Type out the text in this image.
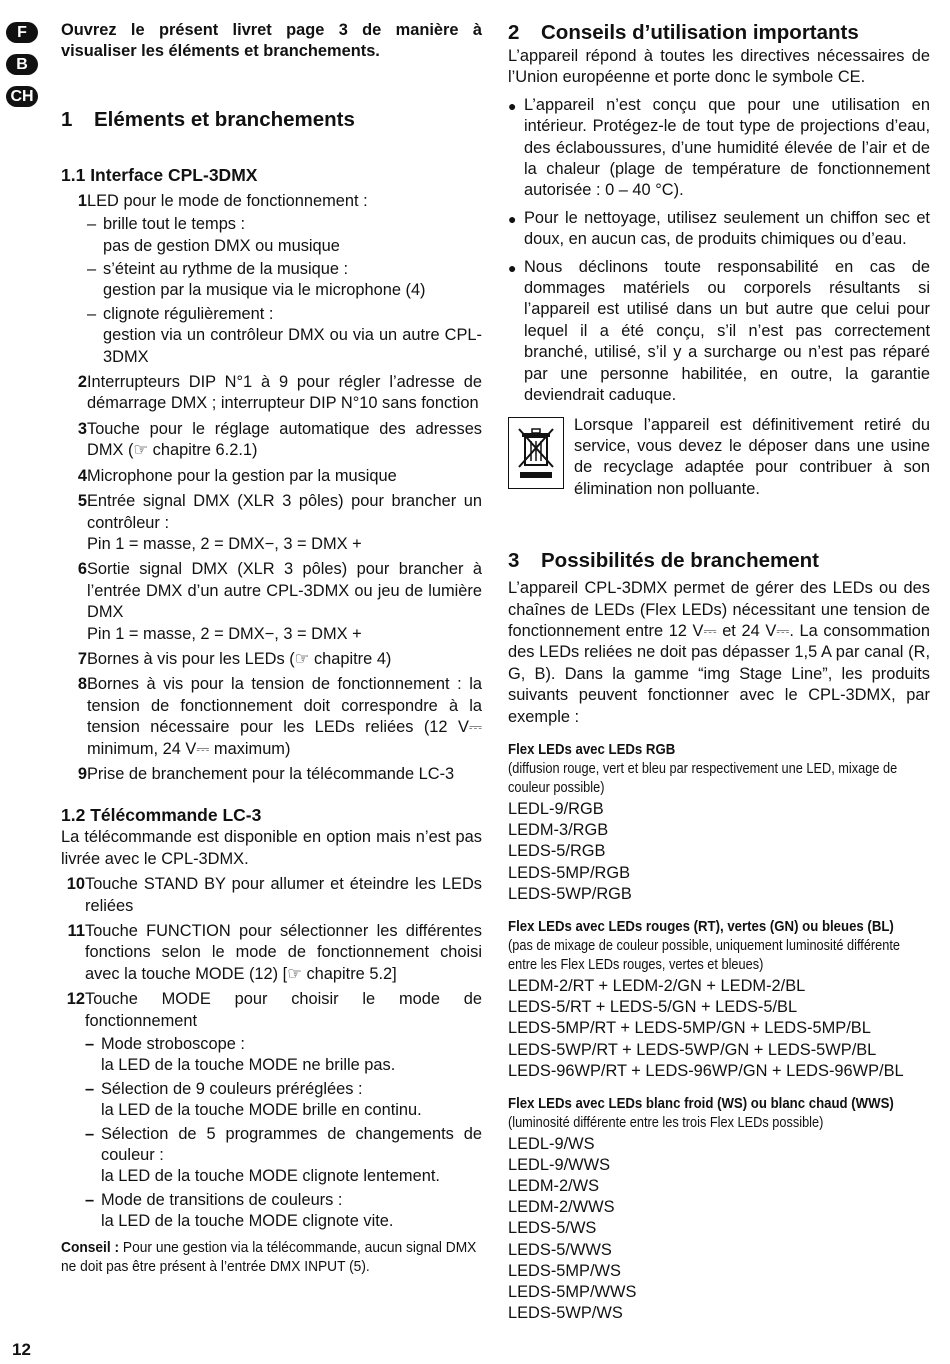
F
B
CH

Ouvrez le présent livret page 3 de manière à visualiser les éléments et branchements.

1	Eléments et branchements
1.1 Interface CPL-3DMX
1 LED pour le mode de fonctionnement :
– brille tout le temps :
pas de gestion DMX ou musique
– s’éteint au rythme de la musique :
gestion par la musique via le microphone (4)
– clignote régulièrement :
gestion via un contrôleur DMX ou via un autre CPL-3DMX
2 Interrupteurs DIP N°1 à 9 pour régler l’adresse de démarrage DMX ; interrupteur DIP N°10 sans fonction
3 Touche pour le réglage automatique des adresses DMX (☞ chapitre 6.2.1)
4 Microphone pour la gestion par la musique
5 Entrée signal DMX (XLR 3 pôles) pour brancher un contrôleur :
Pin 1 = masse, 2 = DMX−, 3 = DMX +
6 Sortie signal DMX (XLR 3 pôles) pour brancher à l’entrée DMX d’un autre CPL-3DMX ou jeu de lumière DMX
Pin 1 = masse, 2 = DMX−, 3 = DMX +
7 Bornes à vis pour les LEDs (☞ chapitre 4)
8 Bornes à vis pour la tension de fonctionnement : la tension de fonctionnement doit correspondre à la tension nécessaire pour les LEDs reliées (12 V⎓ minimum, 24 V⎓ maximum)
9 Prise de branchement pour la télécommande LC-3
1.2 Télécommande LC-3

La télécommande est disponible en option mais n’est pas livrée avec le CPL-3DMX.

10 Touche STAND BY pour allumer et éteindre les LEDs reliées
11 Touche FUNCTION pour sélectionner les différentes fonctions selon le mode de fonctionnement choisi avec la touche MODE (12) [☞ chapitre 5.2]
12 Touche MODE pour choisir le mode de fonctionnement
– Mode stroboscope :
la LED de la touche MODE ne brille pas.
– Sélection de 9 couleurs préréglées :
la LED de la touche MODE brille en continu.
– Sélection de 5 programmes de changements de couleur :
la LED de la touche MODE clignote lentement.
– Mode de transitions de couleurs :
la LED de la touche MODE clignote vite.

Conseil : Pour une gestion via la télécommande, aucun signal DMX ne doit pas être présent à l’entrée DMX INPUT (5).

2	Conseils d’utilisation importants

L’appareil répond à toutes les directives nécessaires de l’Union européenne et porte donc le symbole CE.

● L’appareil n’est conçu que pour une utilisation en intérieur. Protégez-le de tout type de projections d’eau, des éclaboussures, d’une humidité élevée de l’air et de la chaleur (plage de température de fonctionnement autorisée : 0 – 40 °C).
● Pour le nettoyage, utilisez seulement un chiffon sec et doux, en aucun cas, de produits chimiques ou d’eau.
● Nous déclinons toute responsabilité en cas de dommages matériels ou corporels résultants si l’appareil est utilisé dans un but autre que celui pour lequel il a été conçu, s’il n’est pas correctement branché, utilisé, s’il y a surcharge ou n’est pas réparé par une personne habilitée, en outre, la garantie deviendrait caduque.
Lorsque l’appareil est définitivement retiré du service, vous devez le déposer dans une usine de recyclage adaptée pour contribuer à son élimination non polluante.
3	Possibilités de branchement

L’appareil CPL-3DMX permet de gérer des LEDs ou des chaînes de LEDs (Flex LEDs) nécessitant une tension de fonctionnement entre 12 V⎓ et 24 V⎓. La consommation des LEDs reliées ne doit pas dépasser 1,5 A par canal (R, G, B). Dans la gamme “img Stage Line”, les produits suivants peuvent fonctionner avec le CPL-3DMX, par exemple :

Flex LEDs avec LEDs RGB
(diffusion rouge, vert et bleu par respectivement une LED, mixage de couleur possible)
LEDL-9/RGB
LEDM-3/RGB
LEDS-5/RGB
LEDS-5MP/RGB
LEDS-5WP/RGB
Flex LEDs avec LEDs rouges (RT), vertes (GN) ou bleues (BL)
(pas de mixage de couleur possible, uniquement luminosité différente entre les Flex LEDs rouges, vertes et bleues)
LEDM-2/RT + LEDM-2/GN + LEDM-2/BL
LEDS-5/RT + LEDS-5/GN + LEDS-5/BL
LEDS-5MP/RT + LEDS-5MP/GN + LEDS-5MP/BL
LEDS-5WP/RT + LEDS-5WP/GN + LEDS-5WP/BL
LEDS-96WP/RT + LEDS-96WP/GN + LEDS-96WP/BL
Flex LEDs avec LEDs blanc froid (WS) ou blanc chaud (WWS)
(luminosité différente entre les trois Flex LEDs possible)
LEDL-9/WS
LEDL-9/WWS
LEDM-2/WS
LEDM-2/WWS
LEDS-5/WS
LEDS-5/WWS
LEDS-5MP/WS
LEDS-5MP/WWS
LEDS-5WP/WS
12
